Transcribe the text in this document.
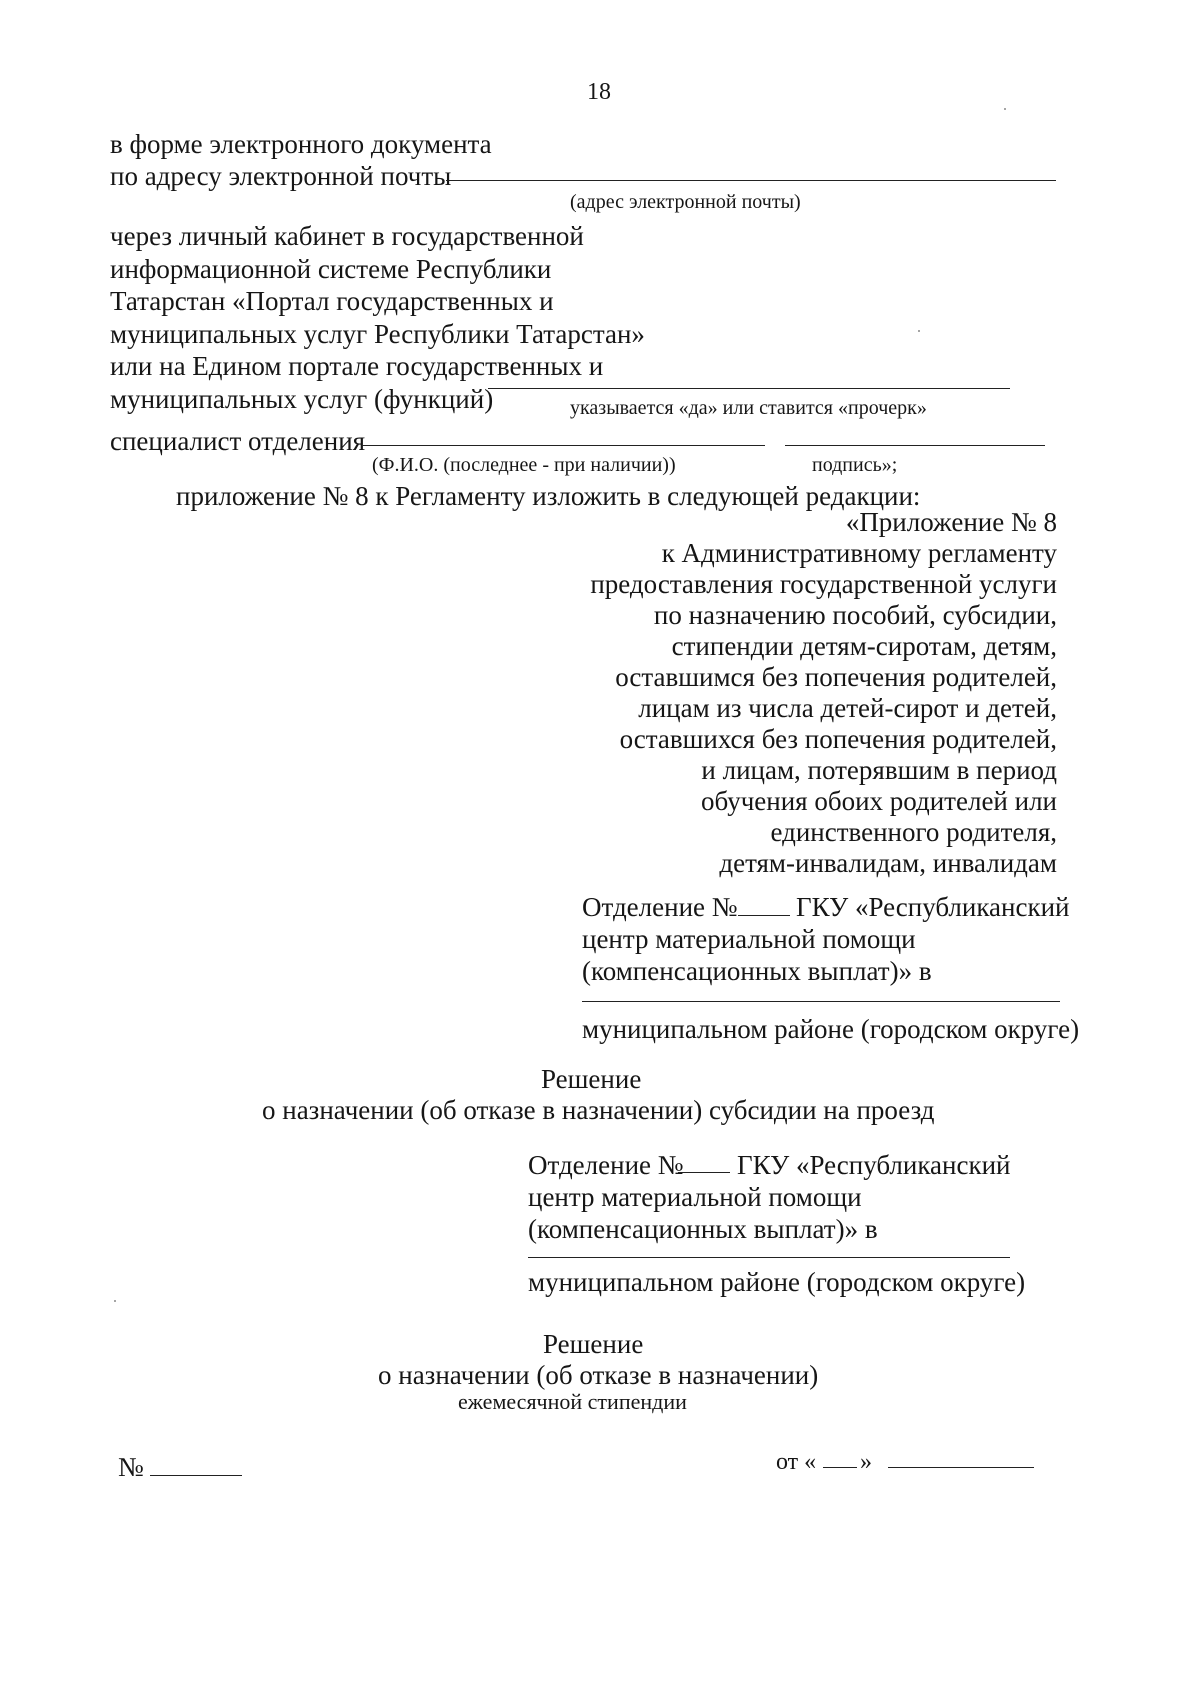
18
в форме электронного документа
по адресу электронной почты
(адрес электронной почты)
через личный кабинет в государственной
информационной системе Республики
Татарстан «Портал государственных и
муниципальных услуг Республики Татарстан»
или на Едином портале государственных и
муниципальных услуг (функций)	указывается «да» или ставится «прочерк»
специалист отделения
(Ф.И.О. (последнее - при наличии))	подпись»;
приложение № 8 к Регламенту изложить в следующей редакции:
«Приложение № 8
к Административному регламенту
предоставления государственной услуги
по назначению пособий, субсидии,
стипендии детям-сиротам, детям,
оставшимся без попечения родителей,
лицам из числа детей-сирот и детей,
оставшихся без попечения родителей,
и лицам, потерявшим в период
обучения обоих родителей или
единственного родителя,
детям-инвалидам, инвалидам
Отделение № ГКУ «Республиканский
центр материальной помощи
(компенсационных выплат)» в
муниципальном районе (городском округе)
Решение
о назначении (об отказе в назначении) субсидии на проезд
Отделение № ГКУ «Республиканский
центр материальной помощи
(компенсационных выплат)» в
муниципальном районе (городском округе)
Решение
о назначении (об отказе в назначении)
ежемесячной стипендии
№	от « »
